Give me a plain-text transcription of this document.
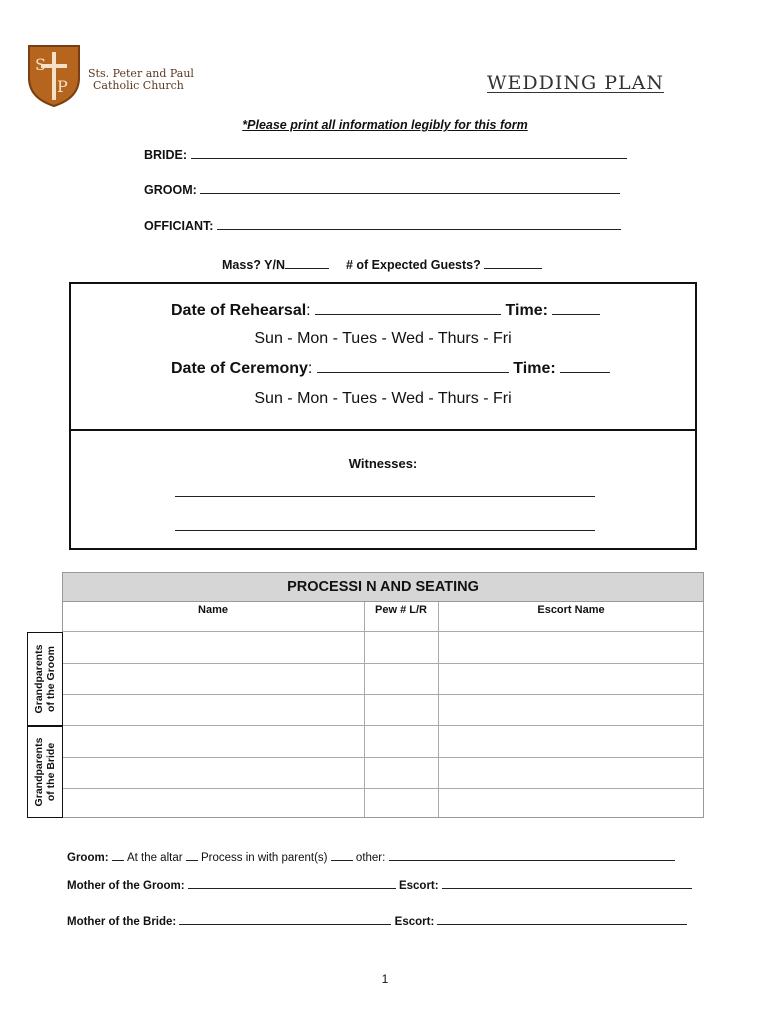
S
P
Sts. Peter and Paul
Catholic Church	WEDDING PLAN
*Please print all information legibly for this form
BRIDE:
GROOM:
OFFICIANT:
Mass? Y/N	# of Expected Guests?
Date of Rehearsal:	Time:
Sun - Mon - Tues - Wed - Thurs - Fri
Date of Ceremony:	Time:
Sun - Mon - Tues - Wed - Thurs - Fri
Witnesses:
PROCESSI N AND SEATING
Name	Pew # L/R	Escort Name
Grandparents of the Groom
Grandparents of the Bride
Groom: At the altar Process in with parent(s) other:
Mother of the Groom:	Escort:
Mother of the Bride:	Escort:
1
